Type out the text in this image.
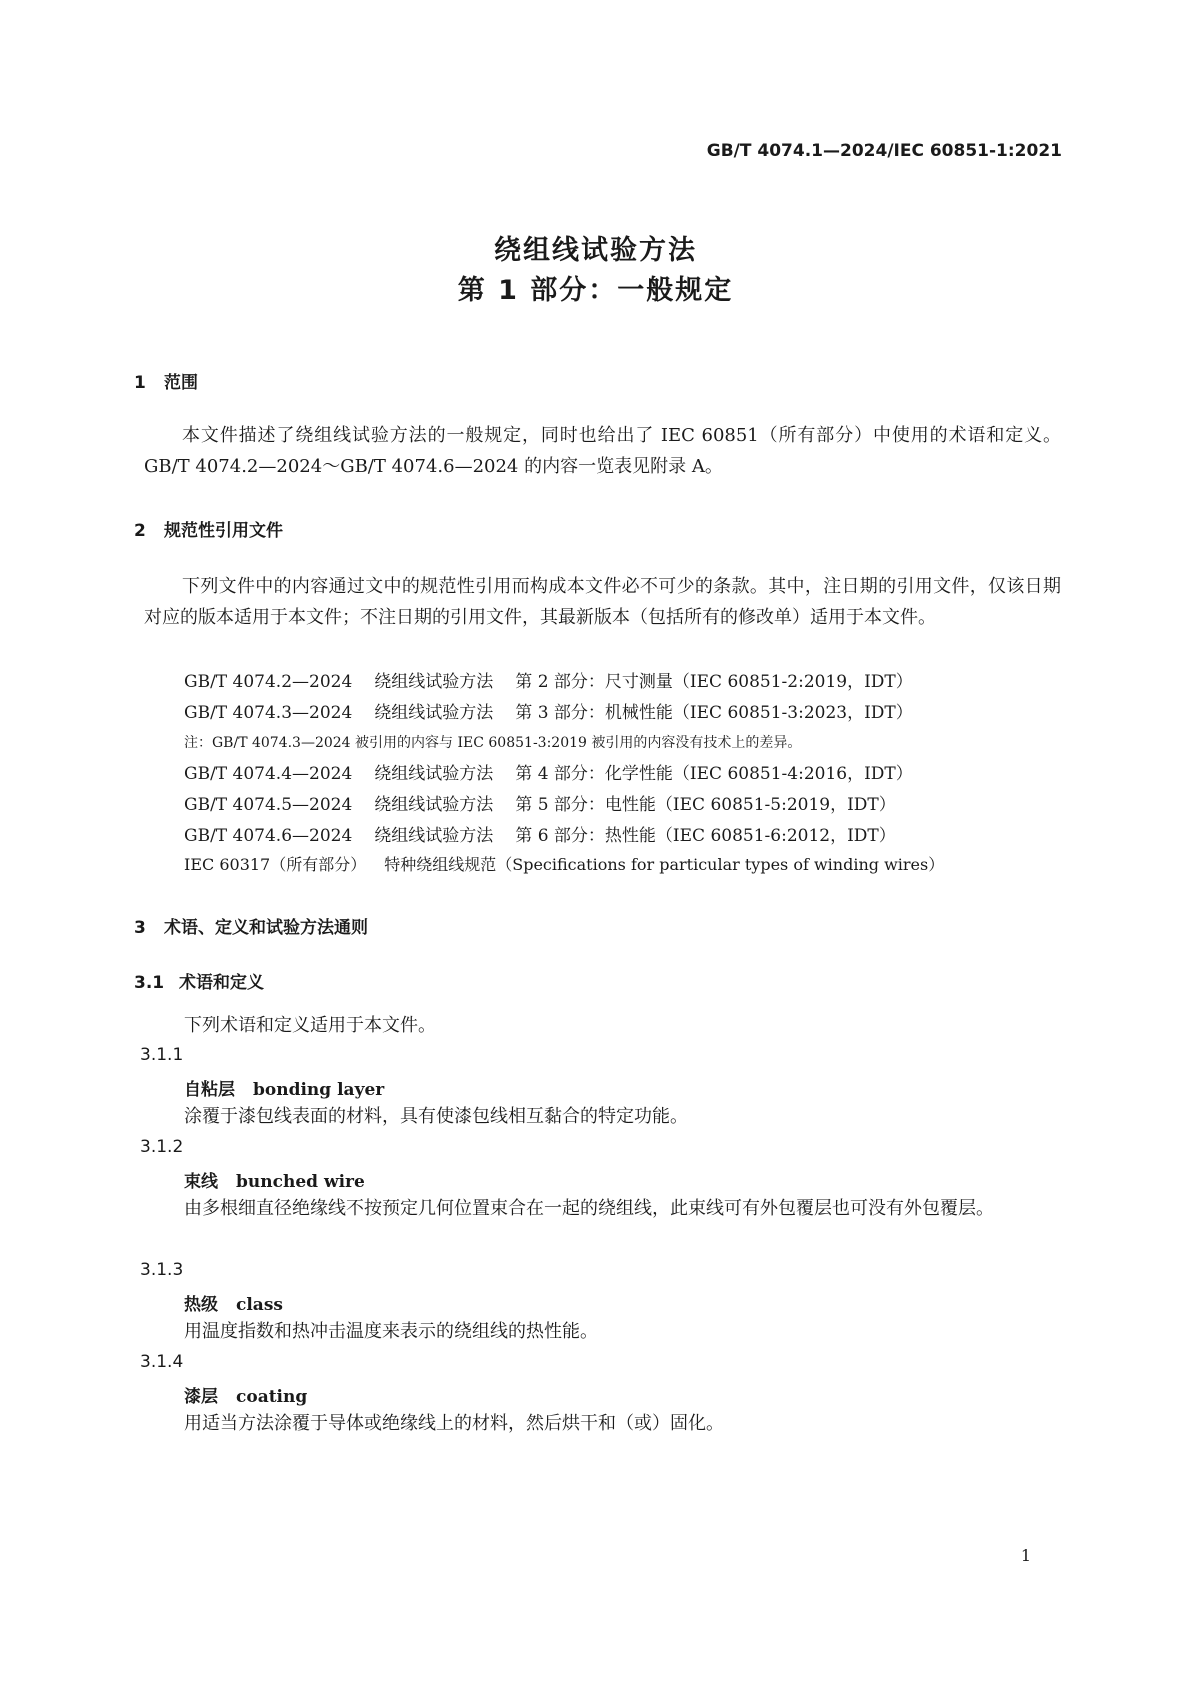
GB/T 4074.1—2024/IEC 60851-1:2021
绕组线试验方法
第 1 部分：一般规定
1 范围
本文件描述了绕组线试验方法的一般规定，同时也给出了 IEC 60851（所有部分）中使用的术语和定义。GB/T 4074.2—2024～GB/T 4074.6—2024 的内容一览表见附录 A。
2 规范性引用文件
下列文件中的内容通过文中的规范性引用而构成本文件必不可少的条款。其中，注日期的引用文件，仅该日期对应的版本适用于本文件；不注日期的引用文件，其最新版本（包括所有的修改单）适用于本文件。
GB/T 4074.2—2024 绕组线试验方法 第 2 部分：尺寸测量（IEC 60851-2:2019，IDT）
GB/T 4074.3—2024 绕组线试验方法 第 3 部分：机械性能（IEC 60851-3:2023，IDT）
注：GB/T 4074.3—2024 被引用的内容与 IEC 60851-3:2019 被引用的内容没有技术上的差异。
GB/T 4074.4—2024 绕组线试验方法 第 4 部分：化学性能（IEC 60851-4:2016，IDT）
GB/T 4074.5—2024 绕组线试验方法 第 5 部分：电性能（IEC 60851-5:2019，IDT）
GB/T 4074.6—2024 绕组线试验方法 第 6 部分：热性能（IEC 60851-6:2012，IDT）
IEC 60317（所有部分） 特种绕组线规范（Specifications for particular types of winding wires）
3 术语、定义和试验方法通则
3.1 术语和定义
下列术语和定义适用于本文件。
3.1.1
自粘层 bonding layer
涂覆于漆包线表面的材料，具有使漆包线相互黏合的特定功能。
3.1.2
束线 bunched wire
由多根细直径绝缘线不按预定几何位置束合在一起的绕组线，此束线可有外包覆层也可没有外包覆层。
3.1.3
热级 class
用温度指数和热冲击温度来表示的绕组线的热性能。
3.1.4
漆层 coating
用适当方法涂覆于导体或绝缘线上的材料，然后烘干和（或）固化。
1
